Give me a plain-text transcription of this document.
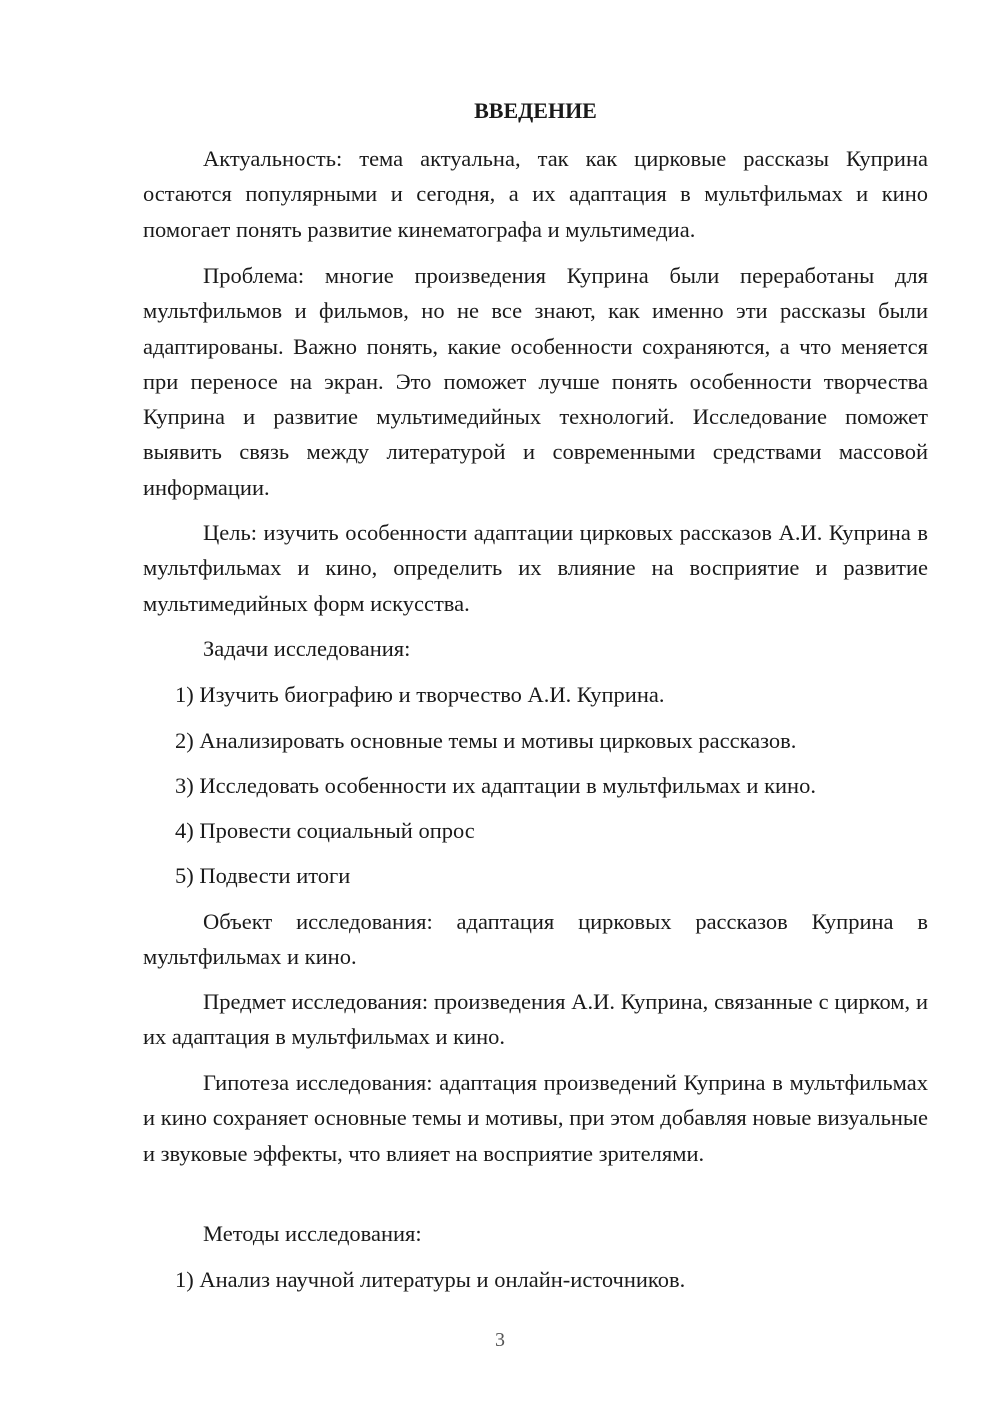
ВВЕДЕНИЕ

Актуальность: тема актуальна, так как цирковые рассказы Куприна остаются популярными и сегодня, а их адаптация в мультфильмах и кино помогает понять развитие кинематографа и мультимедиа.

Проблема: многие произведения Куприна были переработаны для мультфильмов и фильмов, но не все знают, как именно эти рассказы были адаптированы. Важно понять, какие особенности сохраняются, а что меняется при переносе на экран. Это поможет лучше понять особенности творчества Куприна и развитие мультимедийных технологий. Исследование поможет выявить связь между литературой и современными средствами массовой информации.

Цель: изучить особенности адаптации цирковых рассказов А.И. Куприна в мультфильмах и кино, определить их влияние на восприятие и развитие мультимедийных форм искусства.

Задачи исследования:
1) Изучить биографию и творчество А.И. Куприна.
2) Анализировать основные темы и мотивы цирковых рассказов.
3) Исследовать особенности их адаптации в мультфильмах и кино.
4) Провести социальный опрос
5) Подвести итоги

Объект исследования: адаптация цирковых рассказов Куприна в мультфильмах и кино.

Предмет исследования: произведения А.И. Куприна, связанные с цирком, и их адаптация в мультфильмах и кино.

Гипотеза исследования: адаптация произведений Куприна в мультфильмах и кино сохраняет основные темы и мотивы, при этом добавляя новые визуальные и звуковые эффекты, что влияет на восприятие зрителями.

Методы исследования:
1) Анализ научной литературы и онлайн-источников.
3
